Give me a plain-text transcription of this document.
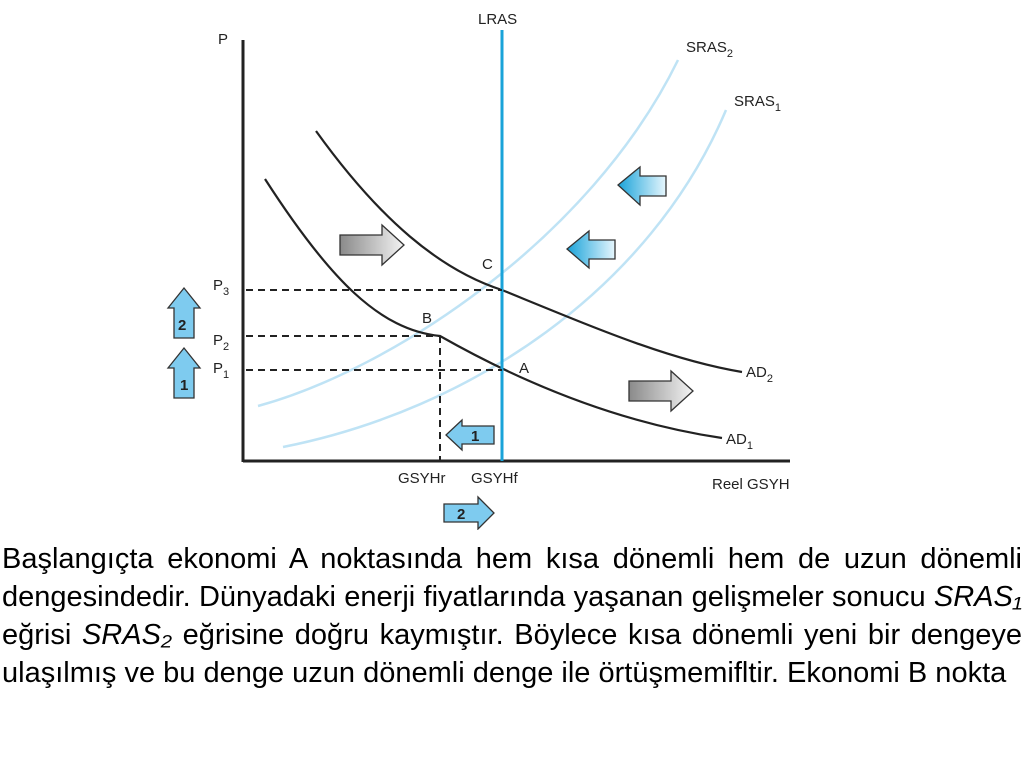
P
Reel GSYH
LRAS
$SRAS_2$
$SRAS_1$
$AD_2$
$AD_1$
$P_3$
$P_2$
$P_1$
C
B
A
GSYHr GSYHf
2
1
1
2

Başlangıçta ekonomi A noktasında hem kısa dönemli hem de uzun dönemli dengesindedir. Dünyadaki enerji fiyatlarında yaşanan gelişmeler sonucu SRAS₁ eğrisi SRAS₂ eğrisine doğru kaymıştır. Böylece kısa dönemli yeni bir dengeye ulaşılmış ve bu denge uzun dönemli denge ile örtüşmemifltir. Ekonomi B nokta
